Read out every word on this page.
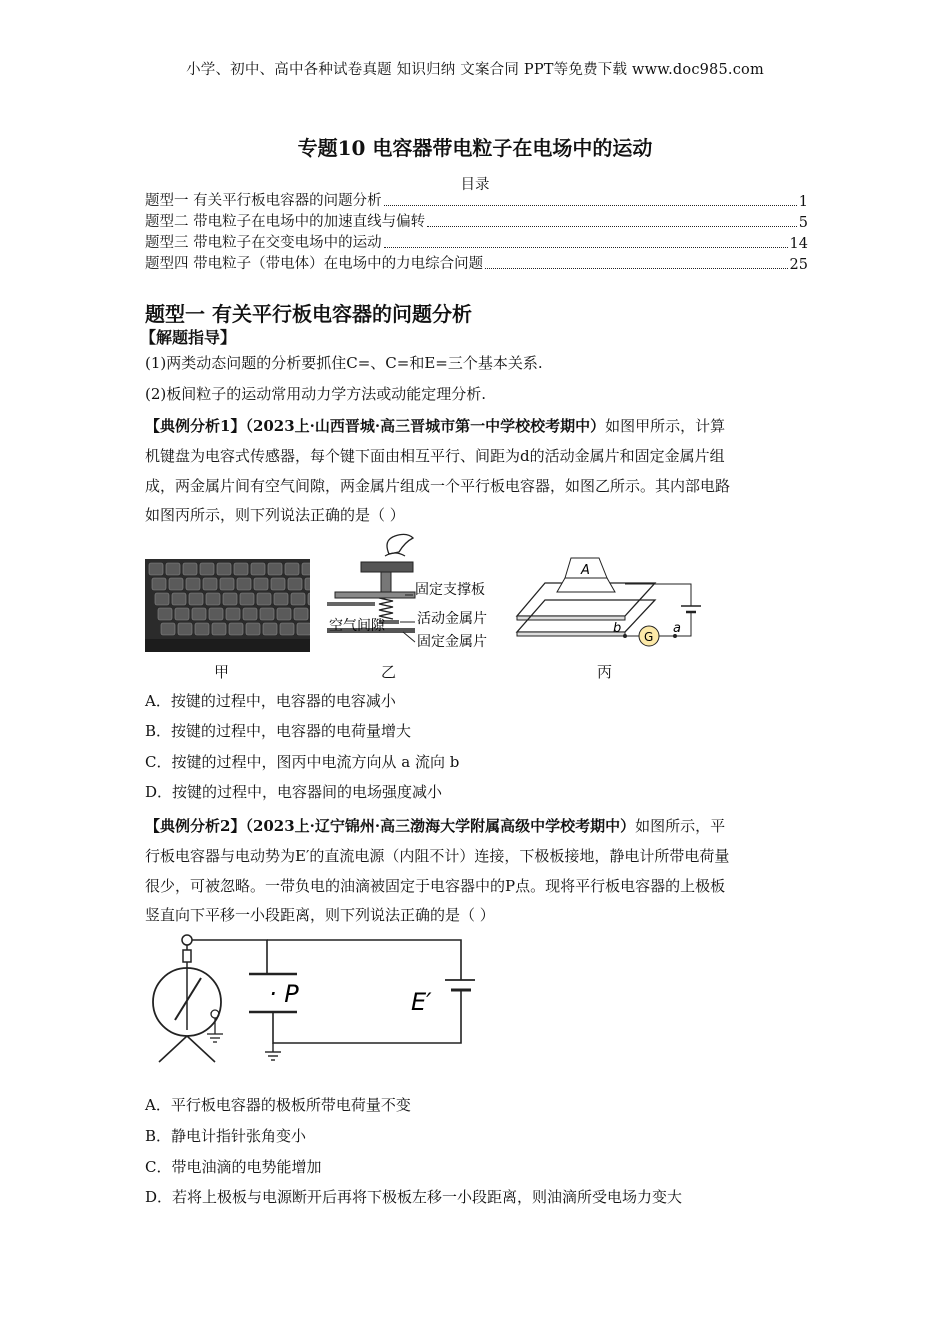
小学、初中、高中各种试卷真题 知识归纳 文案合同 PPT等免费下载 www.doc985.com
专题10 电容器带电粒子在电场中的运动
目录
题型一 有关平行板电容器的问题分析	1
题型二 带电粒子在电场中的加速直线与偏转	5
题型三 带电粒子在交变电场中的运动	14
题型四 带电粒子（带电体）在电场中的力电综合问题	25
题型一 有关平行板电容器的问题分析
【解题指导】
(1)两类动态问题的分析要抓住C=、C=和E=三个基本关系.
(2)板间粒子的运动常用动力学方法或动能定理分析.
【典例分析1】（2023上·山西晋城·高三晋城市第一中学校校考期中）如图甲所示，计算
机键盘为电容式传感器，每个键下面由相互平行、间距为d的活动金属片和固定金属片组
成，两金属片间有空气间隙，两金属片组成一个平行板电容器，如图乙所示。其内部电路
如图丙所示，则下列说法正确的是（ ）
甲
固定支撑板
活动金属片
固定金属片
空气间隙
乙
A
G
b	a
丙
A．按键的过程中，电容器的电容减小
B．按键的过程中，电容器的电荷量增大
C．按键的过程中，图丙中电流方向从 a 流向 b
D．按键的过程中，电容器间的电场强度减小
【典例分析2】（2023上·辽宁锦州·高三渤海大学附属高级中学校考期中）如图所示，平
行板电容器与电动势为E′的直流电源（内阻不计）连接，下极板接地，静电计所带电荷量
很少，可被忽略。一带负电的油滴被固定于电容器中的P点。现将平行板电容器的上极板
竖直向下平移一小段距离，则下列说法正确的是（ ）
· P	E′
A．平行板电容器的极板所带电荷量不变
B．静电计指针张角变小
C．带电油滴的电势能增加
D．若将上极板与电源断开后再将下极板左移一小段距离，则油滴所受电场力变大
